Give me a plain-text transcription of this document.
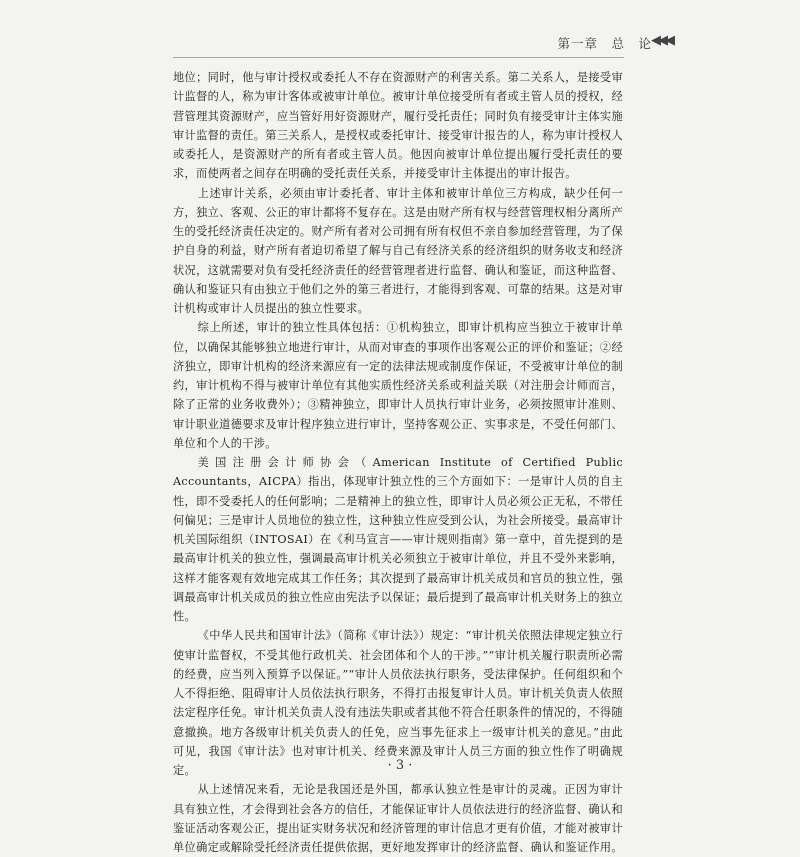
第一章　总　论 ◀◀◀

地位；同时，他与审计授权或委托人不存在资源财产的利害关系。第二关系人，是接受审计监督的人，称为审计客体或被审计单位。被审计单位接受所有者或主管人员的授权，经营管理其资源财产，应当管好用好资源财产，履行受托责任；同时负有接受审计主体实施审计监督的责任。第三关系人，是授权或委托审计、接受审计报告的人，称为审计授权人或委托人，是资源财产的所有者或主管人员。他因向被审计单位提出履行受托责任的要求，而使两者之间存在明确的受托责任关系，并接受审计主体提出的审计报告。

上述审计关系，必须由审计委托者、审计主体和被审计单位三方构成，缺少任何一方，独立、客观、公正的审计都将不复存在。这是由财产所有权与经营管理权相分离所产生的受托经济责任决定的。财产所有者对公司拥有所有权但不亲自参加经营管理，为了保护自身的利益，财产所有者迫切希望了解与自己有经济关系的经济组织的财务收支和经济状况，这就需要对负有受托经济责任的经营管理者进行监督、确认和鉴证，而这种监督、确认和鉴证只有由独立于他们之外的第三者进行，才能得到客观、可靠的结果。这是对审计机构或审计人员提出的独立性要求。

综上所述，审计的独立性具体包括：①机构独立，即审计机构应当独立于被审计单位，以确保其能够独立地进行审计，从而对审查的事项作出客观公正的评价和鉴证；②经济独立，即审计机构的经济来源应有一定的法律法规或制度作保证，不受被审计单位的制约，审计机构不得与被审计单位有其他实质性经济关系或利益关联（对注册会计师而言，除了正常的业务收费外）；③精神独立，即审计人员执行审计业务，必须按照审计准则、审计职业道德要求及审计程序独立进行审计，坚持客观公正、实事求是，不受任何部门、单位和个人的干涉。

美国注册会计师协会（American Institute of Certified Public Accountants，AICPA）指出，体现审计独立性的三个方面如下：一是审计人员的自主性，即不受委托人的任何影响；二是精神上的独立性，即审计人员必须公正无私，不带任何偏见；三是审计人员地位的独立性，这种独立性应受到公认，为社会所接受。最高审计机关国际组织（INTOSAI）在《利马宣言——审计规则指南》第一章中，首先提到的是最高审计机关的独立性，强调最高审计机关必须独立于被审计单位，并且不受外来影响，这样才能客观有效地完成其工作任务；其次提到了最高审计机关成员和官员的独立性，强调最高审计机关成员的独立性应由宪法予以保证；最后提到了最高审计机关财务上的独立性。

《中华人民共和国审计法》（简称《审计法》）规定：“审计机关依照法律规定独立行使审计监督权，不受其他行政机关、社会团体和个人的干涉。”“审计机关履行职责所必需的经费，应当列入预算予以保证。”“审计人员依法执行职务，受法律保护。任何组织和个人不得拒绝、阻碍审计人员依法执行职务，不得打击报复审计人员。审计机关负责人依照法定程序任免。审计机关负责人没有违法失职或者其他不符合任职条件的情况的，不得随意撤换。地方各级审计机关负责人的任免，应当事先征求上一级审计机关的意见。”由此可见，我国《审计法》也对审计机关、经费来源及审计人员三方面的独立性作了明确规定。

从上述情况来看，无论是我国还是外国，都承认独立性是审计的灵魂。正因为审计具有独立性，才会得到社会各方的信任，才能保证审计人员依法进行的经济监督、确认和鉴证活动客观公正，提出证实财务状况和经济管理的审计信息才更有价值，才能对被审计单位确定或解除受托经济责任提供依据，更好地发挥审计的经济监督、确认和鉴证作用。

· 3 ·
